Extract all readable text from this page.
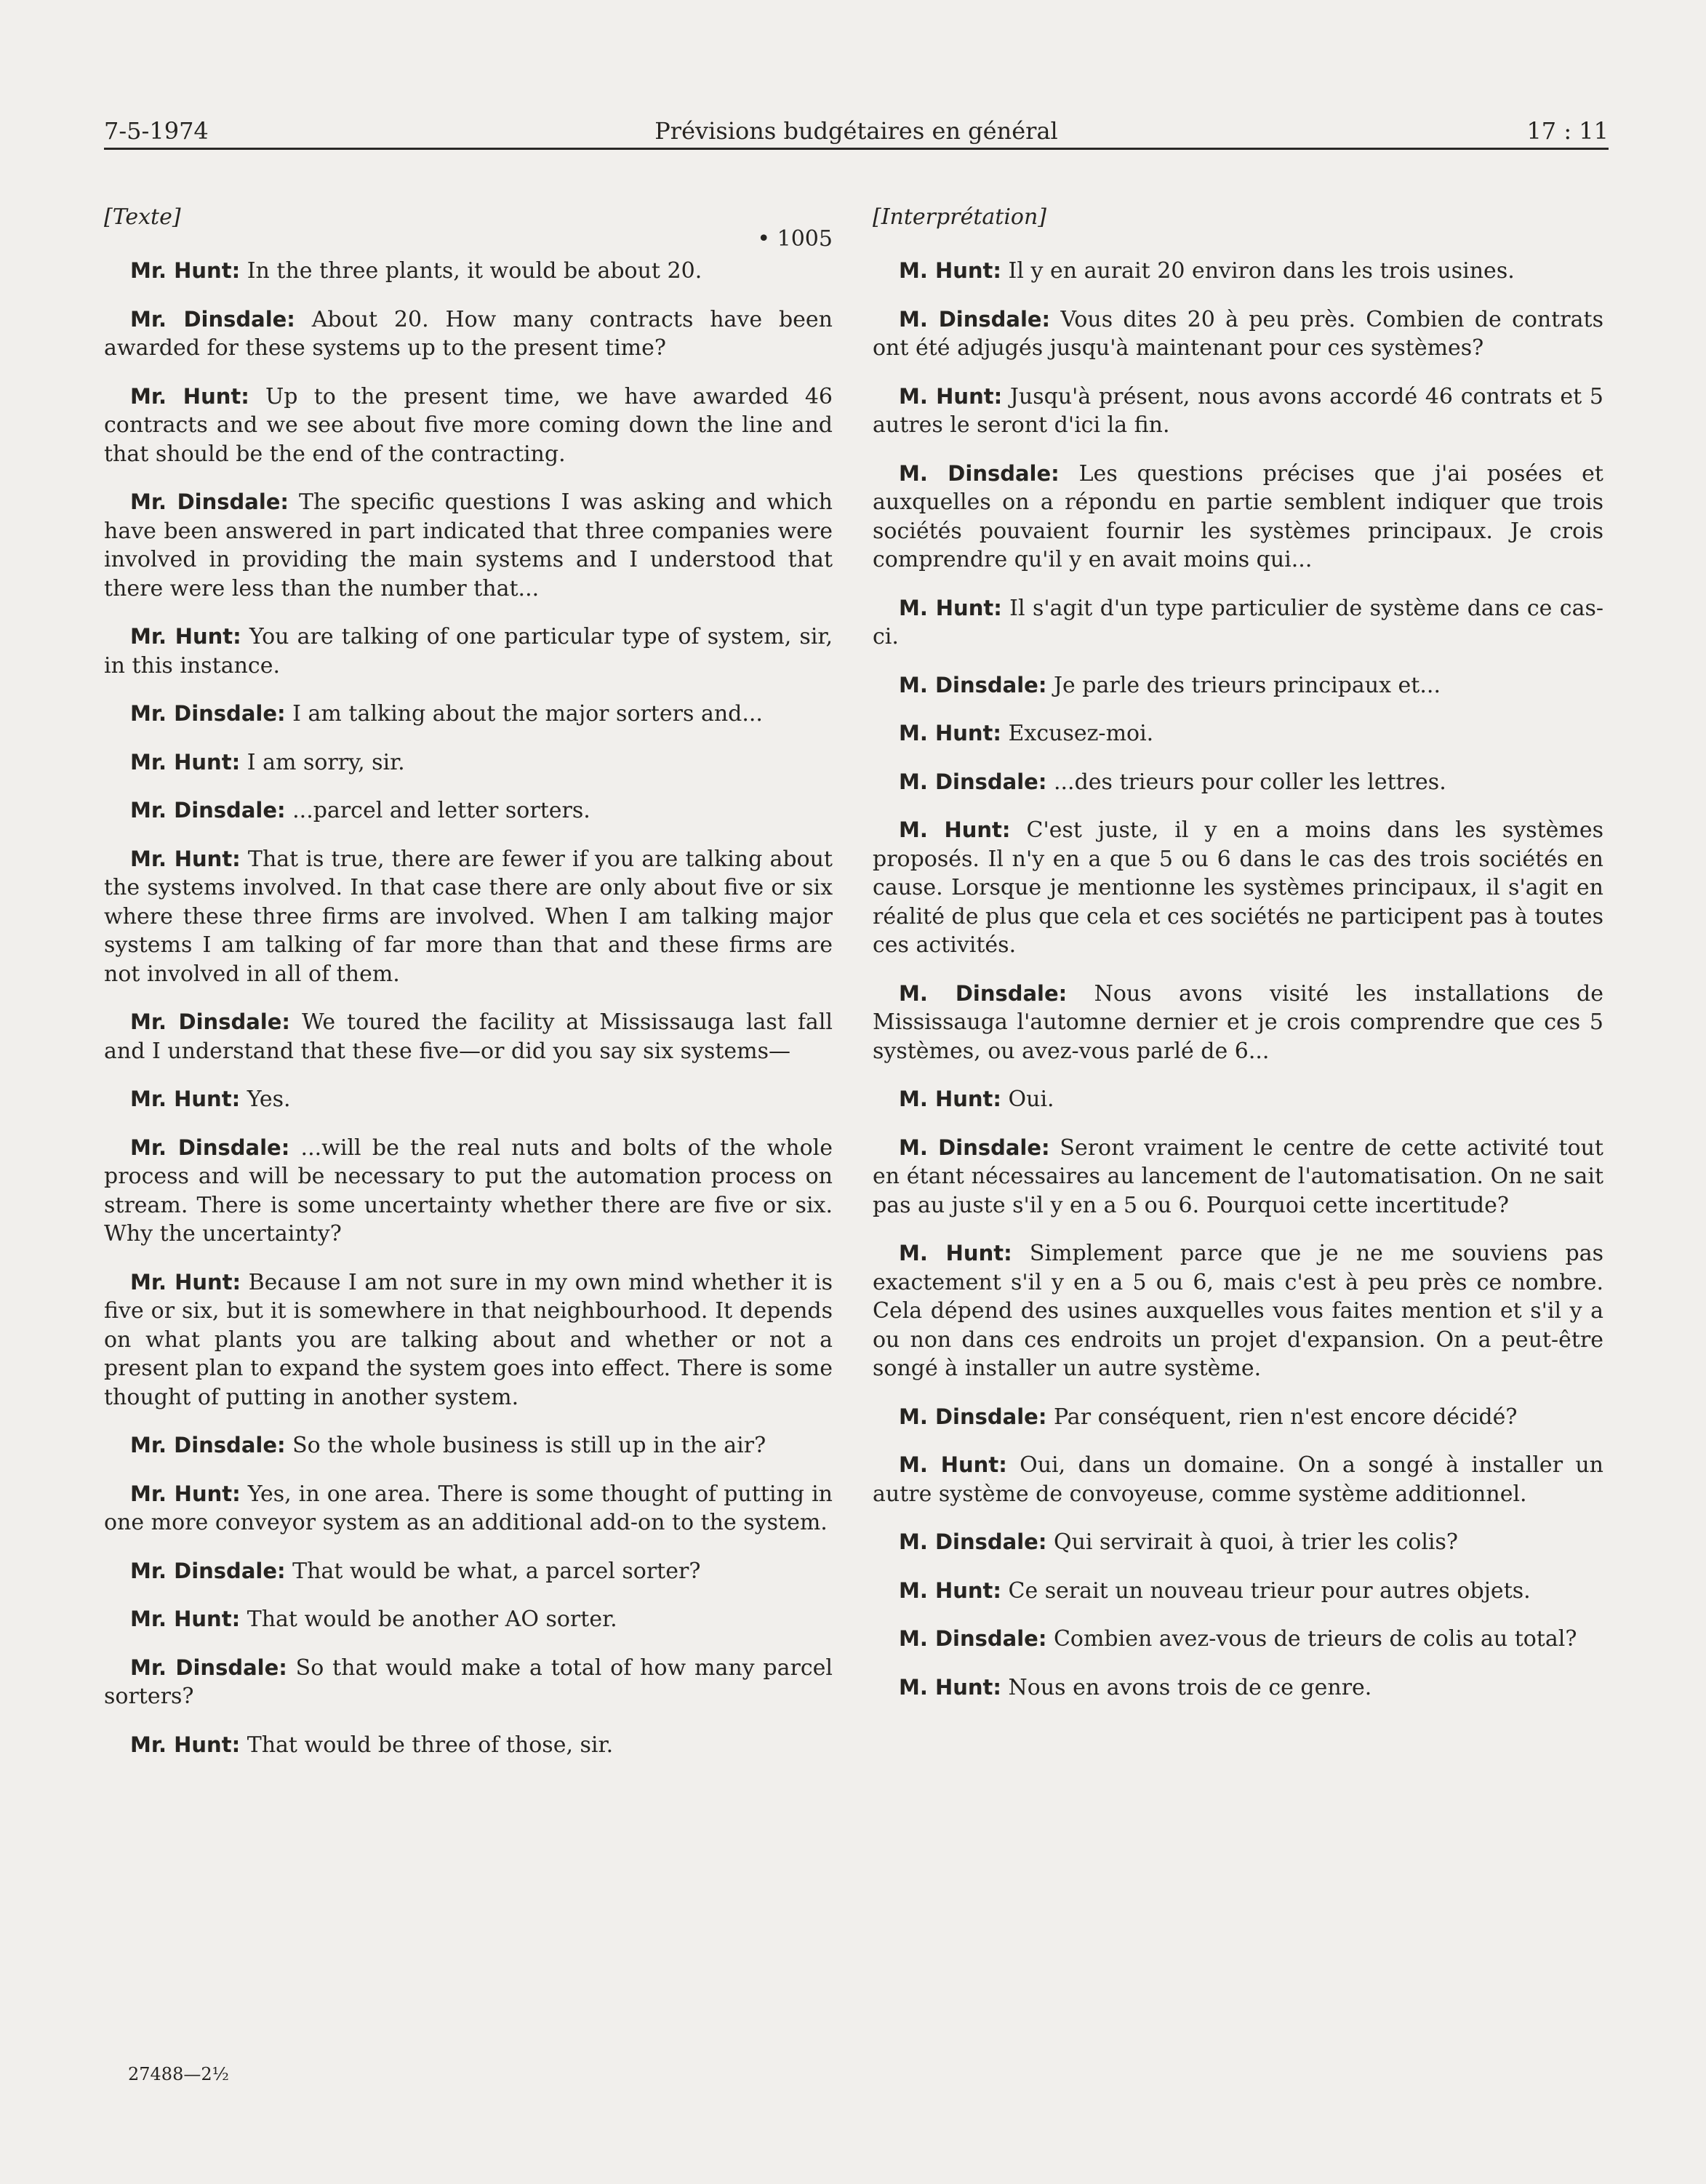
7-5-1974	Prévisions budgétaires en général	17 : 11
[Texte]
• 1005

Mr. Hunt: In the three plants, it would be about 20.

Mr. Dinsdale: About 20. How many contracts have been awarded for these systems up to the present time?

Mr. Hunt: Up to the present time, we have awarded 46 contracts and we see about five more coming down the line and that should be the end of the contracting.

Mr. Dinsdale: The specific questions I was asking and which have been answered in part indicated that three companies were involved in providing the main systems and I understood that there were less than the number that...

Mr. Hunt: You are talking of one particular type of system, sir, in this instance.

Mr. Dinsdale: I am talking about the major sorters and...

Mr. Hunt: I am sorry, sir.

Mr. Dinsdale: ...parcel and letter sorters.

Mr. Hunt: That is true, there are fewer if you are talking about the systems involved. In that case there are only about five or six where these three firms are involved. When I am talking major systems I am talking of far more than that and these firms are not involved in all of them.

Mr. Dinsdale: We toured the facility at Mississauga last fall and I understand that these five—or did you say six systems—

Mr. Hunt: Yes.

Mr. Dinsdale: ...will be the real nuts and bolts of the whole process and will be necessary to put the automation process on stream. There is some uncertainty whether there are five or six. Why the uncertainty?

Mr. Hunt: Because I am not sure in my own mind whether it is five or six, but it is somewhere in that neighbourhood. It depends on what plants you are talking about and whether or not a present plan to expand the system goes into effect. There is some thought of putting in another system.

Mr. Dinsdale: So the whole business is still up in the air?

Mr. Hunt: Yes, in one area. There is some thought of putting in one more conveyor system as an additional add-on to the system.

Mr. Dinsdale: That would be what, a parcel sorter?

Mr. Hunt: That would be another AO sorter.

Mr. Dinsdale: So that would make a total of how many parcel sorters?

Mr. Hunt: That would be three of those, sir.

[Interprétation]

M. Hunt: Il y en aurait 20 environ dans les trois usines.

M. Dinsdale: Vous dites 20 à peu près. Combien de contrats ont été adjugés jusqu'à maintenant pour ces systèmes?

M. Hunt: Jusqu'à présent, nous avons accordé 46 contrats et 5 autres le seront d'ici la fin.

M. Dinsdale: Les questions précises que j'ai posées et auxquelles on a répondu en partie semblent indiquer que trois sociétés pouvaient fournir les systèmes principaux. Je crois comprendre qu'il y en avait moins qui...

M. Hunt: Il s'agit d'un type particulier de système dans ce cas-ci.

M. Dinsdale: Je parle des trieurs principaux et...

M. Hunt: Excusez-moi.

M. Dinsdale: ...des trieurs pour coller les lettres.

M. Hunt: C'est juste, il y en a moins dans les systèmes proposés. Il n'y en a que 5 ou 6 dans le cas des trois sociétés en cause. Lorsque je mentionne les systèmes principaux, il s'agit en réalité de plus que cela et ces sociétés ne participent pas à toutes ces activités.

M. Dinsdale: Nous avons visité les installations de Mississauga l'automne dernier et je crois comprendre que ces 5 systèmes, ou avez-vous parlé de 6...

M. Hunt: Oui.

M. Dinsdale: Seront vraiment le centre de cette activité tout en étant nécessaires au lancement de l'automatisation. On ne sait pas au juste s'il y en a 5 ou 6. Pourquoi cette incertitude?

M. Hunt: Simplement parce que je ne me souviens pas exactement s'il y en a 5 ou 6, mais c'est à peu près ce nombre. Cela dépend des usines auxquelles vous faites mention et s'il y a ou non dans ces endroits un projet d'expansion. On a peut-être songé à installer un autre système.

M. Dinsdale: Par conséquent, rien n'est encore décidé?

M. Hunt: Oui, dans un domaine. On a songé à installer un autre système de convoyeuse, comme système additionnel.

M. Dinsdale: Qui servirait à quoi, à trier les colis?

M. Hunt: Ce serait un nouveau trieur pour autres objets.

M. Dinsdale: Combien avez-vous de trieurs de colis au total?

M. Hunt: Nous en avons trois de ce genre.

27488—2½
